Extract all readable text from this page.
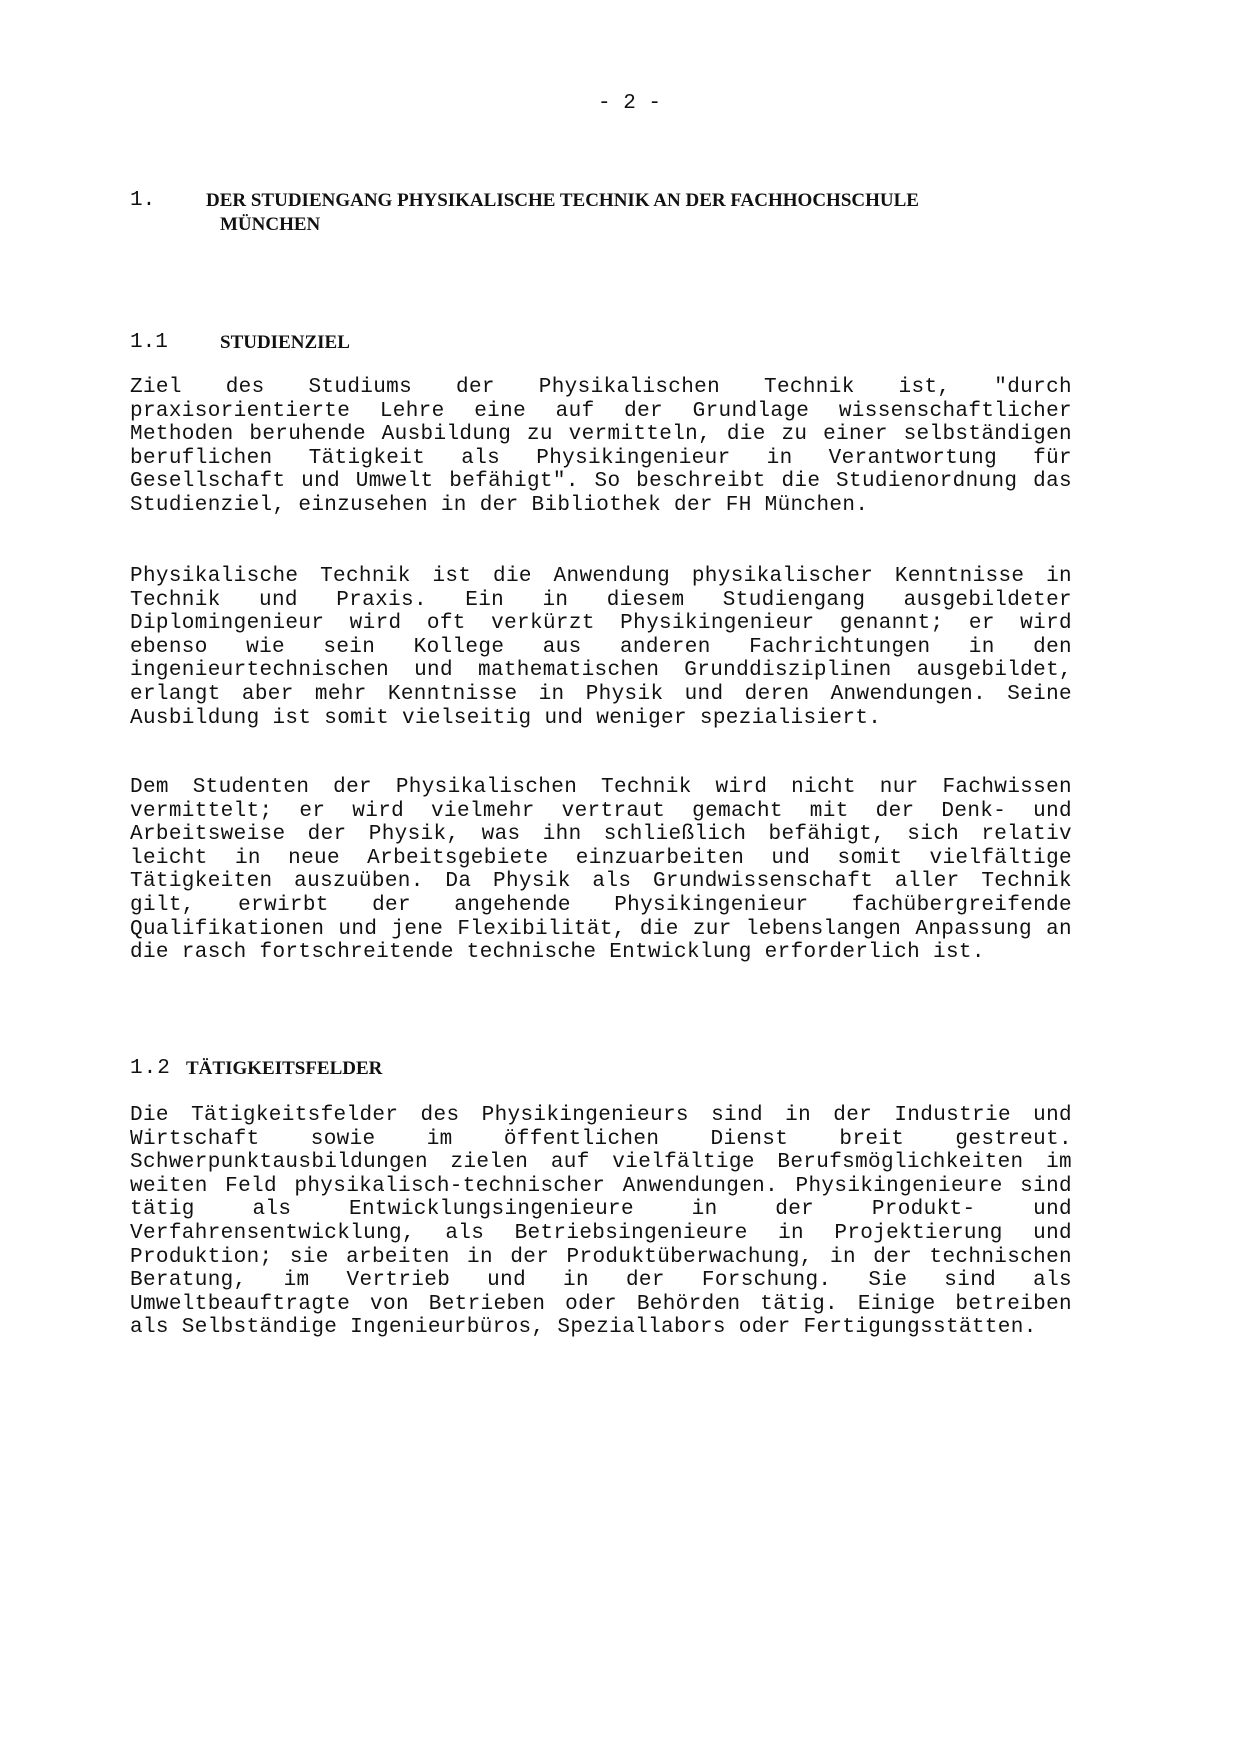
- 2 -
1.	DER STUDIENGANG PHYSIKALISCHE TECHNIK AN DER FACHHOCHSCHULE
MÜNCHEN
1.1	STUDIENZIEL

Ziel des Studiums der Physikalischen Technik ist, "durch praxisorientierte Lehre eine auf der Grundlage wissenschaftlicher Methoden beruhende Ausbildung zu vermitteln, die zu einer selbständigen beruflichen Tätigkeit als Physikingenieur in Verantwortung für Gesellschaft und Umwelt befähigt". So beschreibt die Studienordnung das Studienziel, einzusehen in der Bibliothek der FH München.

Physikalische Technik ist die Anwendung physikalischer Kenntnisse in Technik und Praxis. Ein in diesem Studiengang ausgebildeter Diplomingenieur wird oft verkürzt Physikingenieur genannt; er wird ebenso wie sein Kollege aus anderen Fachrichtungen in den ingenieurtechnischen und mathematischen Grunddisziplinen ausgebildet, erlangt aber mehr Kenntnisse in Physik und deren Anwendungen. Seine Ausbildung ist somit vielseitig und weniger spezialisiert.

Dem Studenten der Physikalischen Technik wird nicht nur Fachwissen vermittelt; er wird vielmehr vertraut gemacht mit der Denk- und Arbeitsweise der Physik, was ihn schließlich befähigt, sich relativ leicht in neue Arbeitsgebiete einzuarbeiten und somit vielfältige Tätigkeiten auszuüben. Da Physik als Grundwissenschaft aller Technik gilt, erwirbt der angehende Physikingenieur fachübergreifende Qualifikationen und jene Flexibilität, die zur lebenslangen Anpassung an die rasch fortschreitende technische Entwicklung erforderlich ist.

1.2 TÄTIGKEITSFELDER

Die Tätigkeitsfelder des Physikingenieurs sind in der Industrie und Wirtschaft sowie im öffentlichen Dienst breit gestreut. Schwerpunktausbildungen zielen auf vielfältige Berufsmöglichkeiten im weiten Feld physikalisch-technischer Anwendungen. Physikingenieure sind tätig als Entwicklungsingenieure in der Produkt- und Verfahrensentwicklung, als Betriebsingenieure in Projektierung und Produktion; sie arbeiten in der Produktüberwachung, in der technischen Beratung, im Vertrieb und in der Forschung. Sie sind als Umweltbeauftragte von Betrieben oder Behörden tätig. Einige betreiben als Selbständige Ingenieurbüros, Speziallabors oder Fertigungsstätten.
